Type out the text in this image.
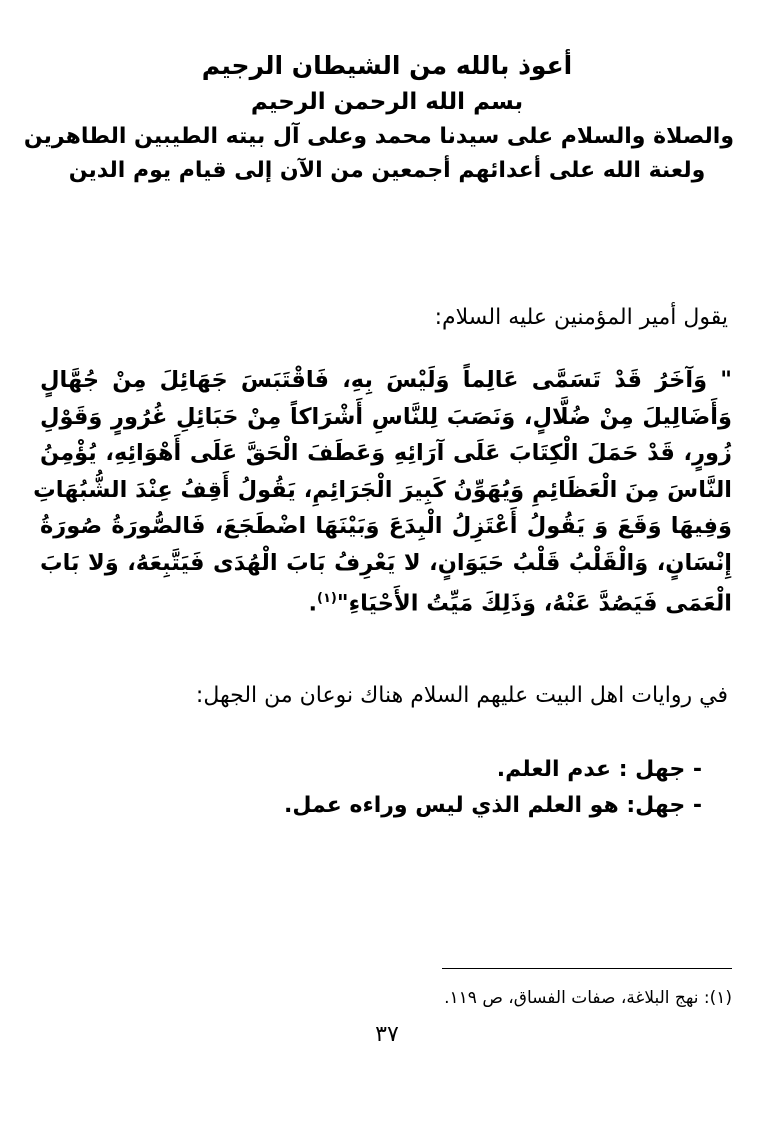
أعوذ بالله من الشيطان الرجيم
بسم الله الرحمن الرحيم
والصلاة والسلام على سيدنا محمد وعلى آل بيته الطيبين الطاهرين
ولعنة الله على أعدائهم أجمعين من الآن إلى قيام يوم الدين
يقول أمير المؤمنين عليه السلام:
" وَآخَرُ قَدْ تَسَمَّى عَالِماً وَلَيْسَ بِهِ، فَاقْتَبَسَ جَهَائِلَ مِنْ جُهَّالٍ
وَأَضَالِيلَ مِنْ ضُلَّالٍ، وَنَصَبَ لِلنَّاسِ أَشْرَاكاً مِنْ حَبَائِلِ غُرُورٍ وَقَوْلِ
زُورٍ، قَدْ حَمَلَ الْكِتَابَ عَلَى آرَائِهِ وَعَطَفَ الْحَقَّ عَلَى أَهْوَائِهِ، يُؤْمِنُ
النَّاسَ مِنَ الْعَظَائِمِ وَيُهَوِّنُ كَبِيرَ الْجَرَائِمِ، يَقُولُ أَقِفُ عِنْدَ الشُّبُهَاتِ
وَفِيهَا وَقَعَ وَ يَقُولُ أَعْتَزِلُ الْبِدَعَ وَبَيْنَهَا اضْطَجَعَ، فَالصُّورَةُ صُورَةُ
إِنْسَانٍ، وَالْقَلْبُ قَلْبُ حَيَوَانٍ، لا يَعْرِفُ بَابَ الْهُدَى فَيَتَّبِعَهُ، وَلا بَابَ
الْعَمَى فَيَصُدَّ عَنْهُ، وَذَلِكَ مَيِّتُ الأَحْيَاءِ"$^{(١)}$.
في روايات اهل البيت عليهم السلام هناك نوعان من الجهل:
- جهل : عدم العلم.
- جهل: هو العلم الذي ليس وراءه عمل.
(١): نهج البلاغة، صفات الفساق، ص ١١٩.
٣٧
